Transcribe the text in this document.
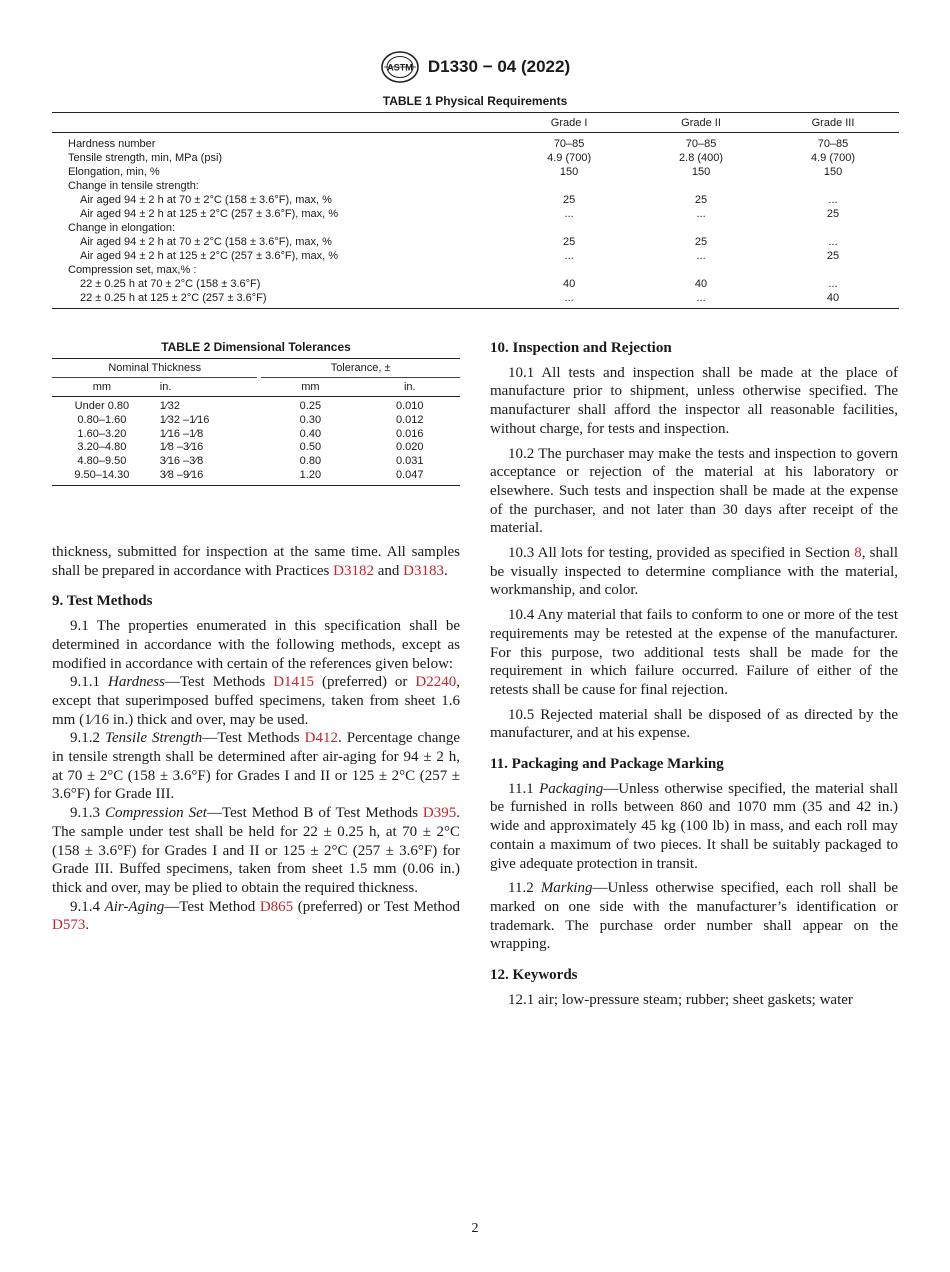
ASTM D1330 − 04 (2022)
TABLE 1 Physical Requirements
	Grade I	Grade II	Grade III
Hardness number	70–85	70–85	70–85
Tensile strength, min, MPa (psi)	4.9 (700)	2.8 (400)	4.9 (700)
Elongation, min, %	150	150	150
Change in tensile strength:			
Air aged 94 ± 2 h at 70 ± 2°C (158 ± 3.6°F), max, %	25	25	...
Air aged 94 ± 2 h at 125 ± 2°C (257 ± 3.6°F), max, %	...	...	25
Change in elongation:			
Air aged 94 ± 2 h at 70 ± 2°C (158 ± 3.6°F), max, %	25	25	...
Air aged 94 ± 2 h at 125 ± 2°C (257 ± 3.6°F), max, %	...	...	25
Compression set, max,% :			
22 ± 0.25 h at 70 ± 2°C (158 ± 3.6°F)	40	40	...
22 ± 0.25 h at 125 ± 2°C (257 ± 3.6°F)	...	...	40
TABLE 2 Dimensional Tolerances
Nominal Thickness			Tolerance, ±	
mm	in.		mm	in.
Under 0.80	1⁄32		0.25	0.010
0.80–1.60	1⁄32 –1⁄16		0.30	0.012
1.60–3.20	1⁄16 –1⁄8		0.40	0.016
3.20–4.80	1⁄8 –3⁄16		0.50	0.020
4.80–9.50	3⁄16 –3⁄8		0.80	0.031
9.50–14.30	3⁄8 –9⁄16		1.20	0.047

thickness, submitted for inspection at the same time. All samples shall be prepared in accordance with Practices D3182 and D3183.

9. Test Methods

9.1 The properties enumerated in this specification shall be determined in accordance with the following methods, except as modified in accordance with certain of the references given below:

9.1.1 Hardness—Test Methods D1415 (preferred) or D2240, except that superimposed buffed specimens, taken from sheet 1.6 mm (1⁄16 in.) thick and over, may be used.

9.1.2 Tensile Strength—Test Methods D412. Percentage change in tensile strength shall be determined after air-aging for 94 ± 2 h, at 70 ± 2°C (158 ± 3.6°F) for Grades I and II or 125 ± 2°C (257 ± 3.6°F) for Grade III.

9.1.3 Compression Set—Test Method B of Test Methods D395. The sample under test shall be held for 22 ± 0.25 h, at 70 ± 2°C (158 ± 3.6°F) for Grades I and II or 125 ± 2°C (257 ± 3.6°F) for Grade III. Buffed specimens, taken from sheet 1.5 mm (0.06 in.) thick and over, may be plied to obtain the required thickness.

9.1.4 Air-Aging—Test Method D865 (preferred) or Test Method D573.

10. Inspection and Rejection

10.1 All tests and inspection shall be made at the place of manufacture prior to shipment, unless otherwise specified. The manufacturer shall afford the inspector all reasonable facilities, without charge, for tests and inspection.

10.2 The purchaser may make the tests and inspection to govern acceptance or rejection of the material at his laboratory or elsewhere. Such tests and inspection shall be made at the expense of the purchaser, and not later than 30 days after receipt of the material.

10.3 All lots for testing, provided as specified in Section 8, shall be visually inspected to determine compliance with the material, workmanship, and color.

10.4 Any material that fails to conform to one or more of the test requirements may be retested at the expense of the manufacturer. For this purpose, two additional tests shall be made for the requirement in which failure occurred. Failure of either of the retests shall be cause for final rejection.

10.5 Rejected material shall be disposed of as directed by the manufacturer, and at his expense.

11. Packaging and Package Marking

11.1 Packaging—Unless otherwise specified, the material shall be furnished in rolls between 860 and 1070 mm (35 and 42 in.) wide and approximately 45 kg (100 lb) in mass, and each roll may contain a maximum of two pieces. It shall be suitably packaged to give adequate protection in transit.

11.2 Marking—Unless otherwise specified, each roll shall be marked on one side with the manufacturer’s identification or trademark. The purchase order number shall appear on the wrapping.

12. Keywords

12.1 air; low-pressure steam; rubber; sheet gaskets; water

2
